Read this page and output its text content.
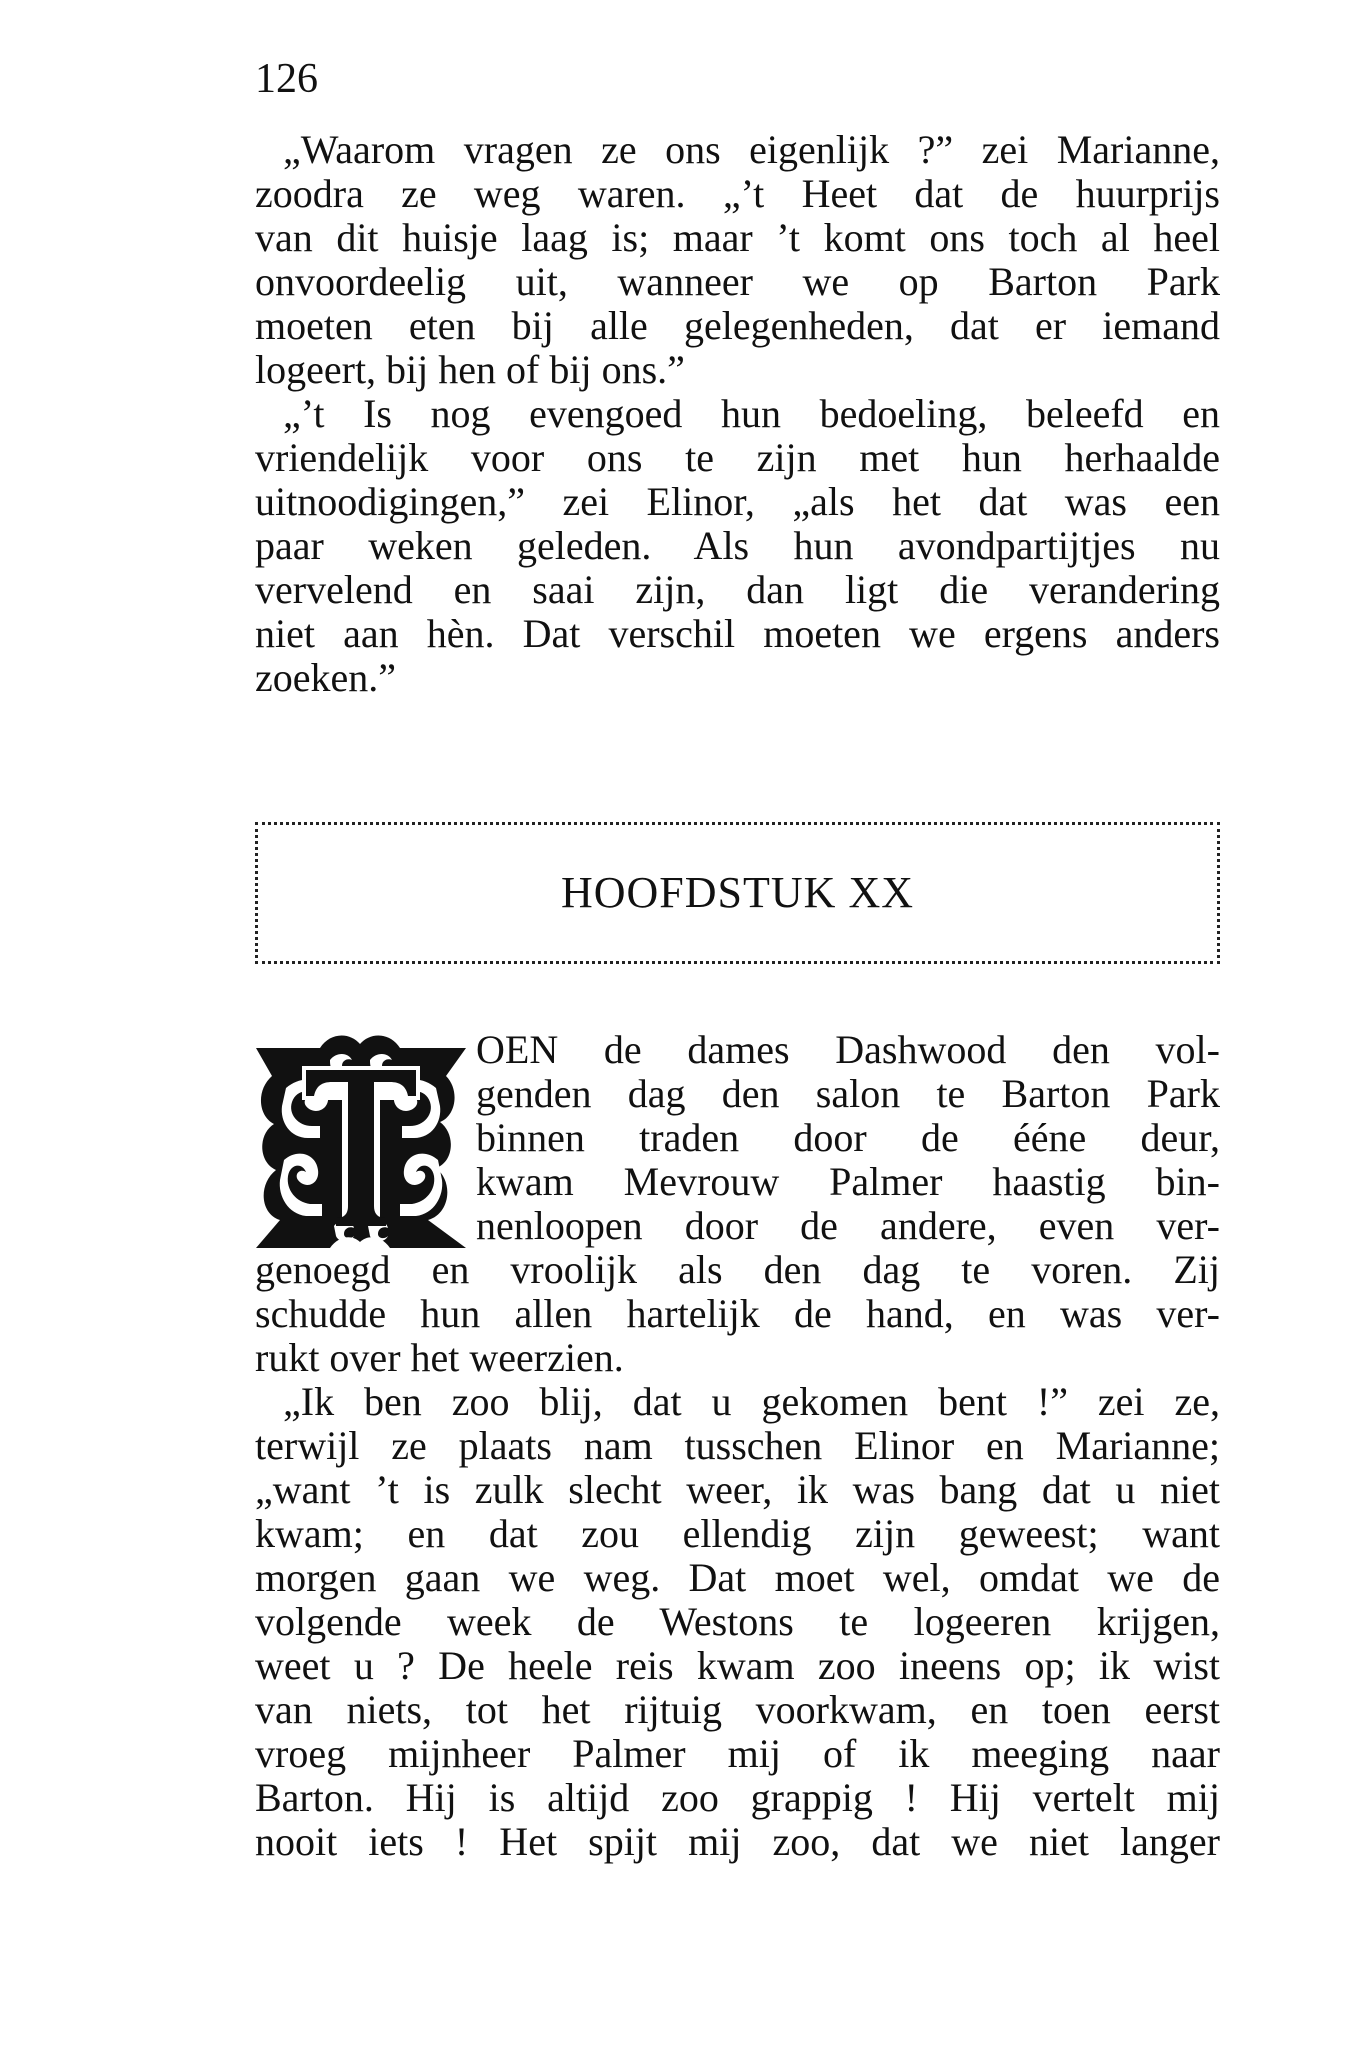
126
„Waarom vragen ze ons eigenlijk ?” zei Marianne,
zoodra ze weg waren. „’t Heet dat de huurprijs
van dit huisje laag is; maar ’t komt ons toch al heel
onvoordeelig uit, wanneer we op Barton Park
moeten eten bij alle gelegenheden, dat er iemand
logeert, bij hen of bij ons.”
„’t Is nog evengoed hun bedoeling, beleefd en
vriendelijk voor ons te zijn met hun herhaalde
uitnoodigingen,” zei Elinor, „als het dat was een
paar weken geleden. Als hun avondpartijtjes nu
vervelend en saai zijn, dan ligt die verandering
niet aan hèn. Dat verschil moeten we ergens anders
zoeken.”
HOOFDSTUK XX
OEN de dames Dashwood den vol-
genden dag den salon te Barton Park
binnen traden door de ééne deur,
kwam Mevrouw Palmer haastig bin-
nenloopen door de andere, even ver-
genoegd en vroolijk als den dag te voren. Zij
schudde hun allen hartelijk de hand, en was ver-
rukt over het weerzien.
„Ik ben zoo blij, dat u gekomen bent !” zei ze,
terwijl ze plaats nam tusschen Elinor en Marianne;
„want ’t is zulk slecht weer, ik was bang dat u niet
kwam; en dat zou ellendig zijn geweest; want
morgen gaan we weg. Dat moet wel, omdat we de
volgende week de Westons te logeeren krijgen,
weet u ? De heele reis kwam zoo ineens op; ik wist
van niets, tot het rijtuig voorkwam, en toen eerst
vroeg mijnheer Palmer mij of ik meeging naar
Barton. Hij is altijd zoo grappig ! Hij vertelt mij
nooit iets ! Het spijt mij zoo, dat we niet langer
